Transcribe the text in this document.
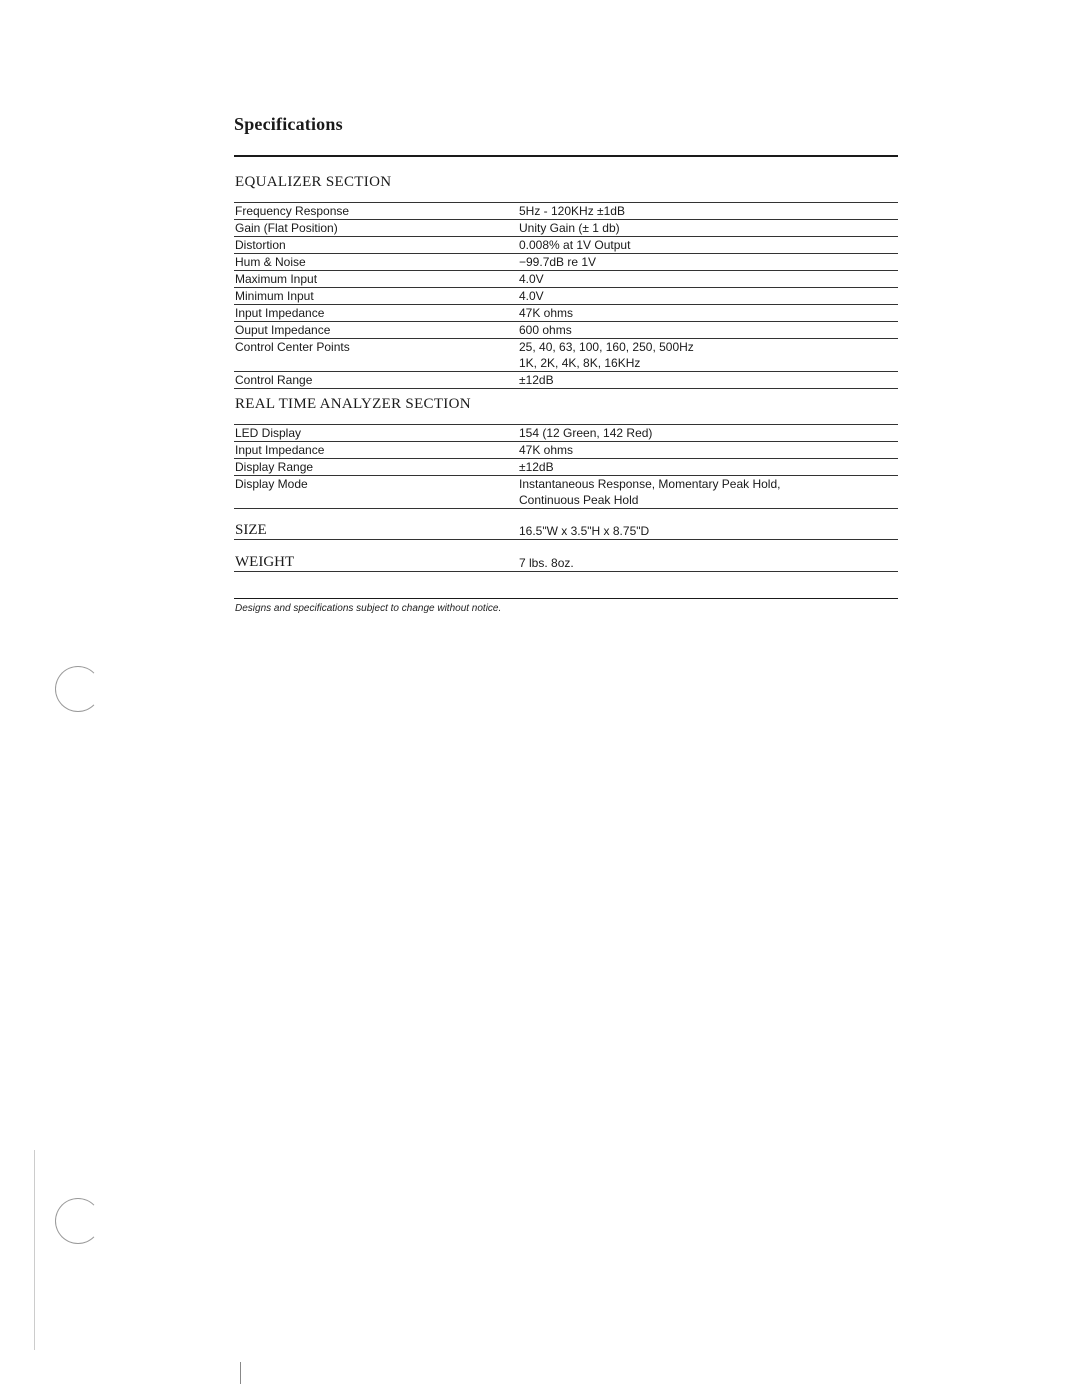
Specifications
EQUALIZER SECTION
Frequency Response	5Hz - 120KHz ±1dB
Gain (Flat Position)	Unity Gain (± 1 db)
Distortion	0.008% at 1V Output
Hum & Noise	−99.7dB re 1V
Maximum Input	4.0V
Minimum Input	4.0V
Input Impedance	47K ohms
Ouput Impedance	600 ohms
Control Center Points	25, 40, 63, 100, 160, 250, 500Hz
1K, 2K, 4K, 8K, 16KHz
Control Range	±12dB
REAL TIME ANALYZER SECTION
LED Display	154 (12 Green, 142 Red)
Input Impedance	47K ohms
Display Range	±12dB
Display Mode	Instantaneous Response, Momentary Peak Hold,
Continuous Peak Hold
SIZE	16.5"W x 3.5"H x 8.75"D
WEIGHT	7 lbs. 8oz.
Designs and specifications subject to change without notice.
